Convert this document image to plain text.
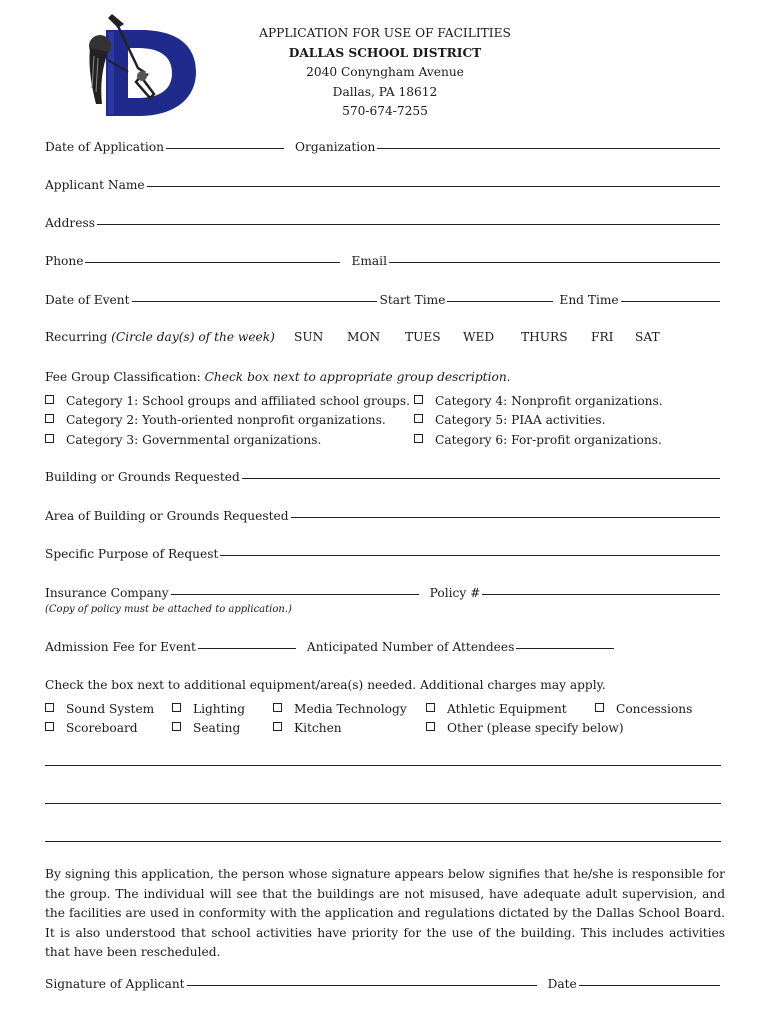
APPLICATION FOR USE OF FACILITIES
DALLAS SCHOOL DISTRICT
2040 Conyngham Avenue
Dallas, PA 18612
570-674-7255
Date of Application	Organization
Applicant Name
Address
Phone	Email
Date of Event	Start Time	End Time
Recurring (Circle day(s) of the week) SUN MON TUES WED THURS FRI SAT
Fee Group Classification: Check box next to appropriate group description.
Category 1: School groups and affiliated school groups.
Category 2: Youth-oriented nonprofit organizations.
Category 3: Governmental organizations.
Category 4: Nonprofit organizations.
Category 5: PIAA activities.
Category 6: For-profit organizations.
Building or Grounds Requested
Area of Building or Grounds Requested
Specific Purpose of Request
Insurance Company	Policy #
(Copy of policy must be attached to application.)
Admission Fee for Event	Anticipated Number of Attendees
Check the box next to additional equipment/area(s) needed. Additional charges may apply.
Sound System	Lighting	Media Technology	Athletic Equipment	Concessions
Scoreboard	Seating	Kitchen	Other (please specify below)
By signing this application, the person whose signature appears below signifies that he/she is responsible for the group. The individual will see that the buildings are not misused, have adequate adult supervision, and the facilities are used in conformity with the application and regulations dictated by the Dallas School Board. It is also understood that school activities have priority for the use of the building. This includes activities that have been rescheduled.
Signature of Applicant	Date
